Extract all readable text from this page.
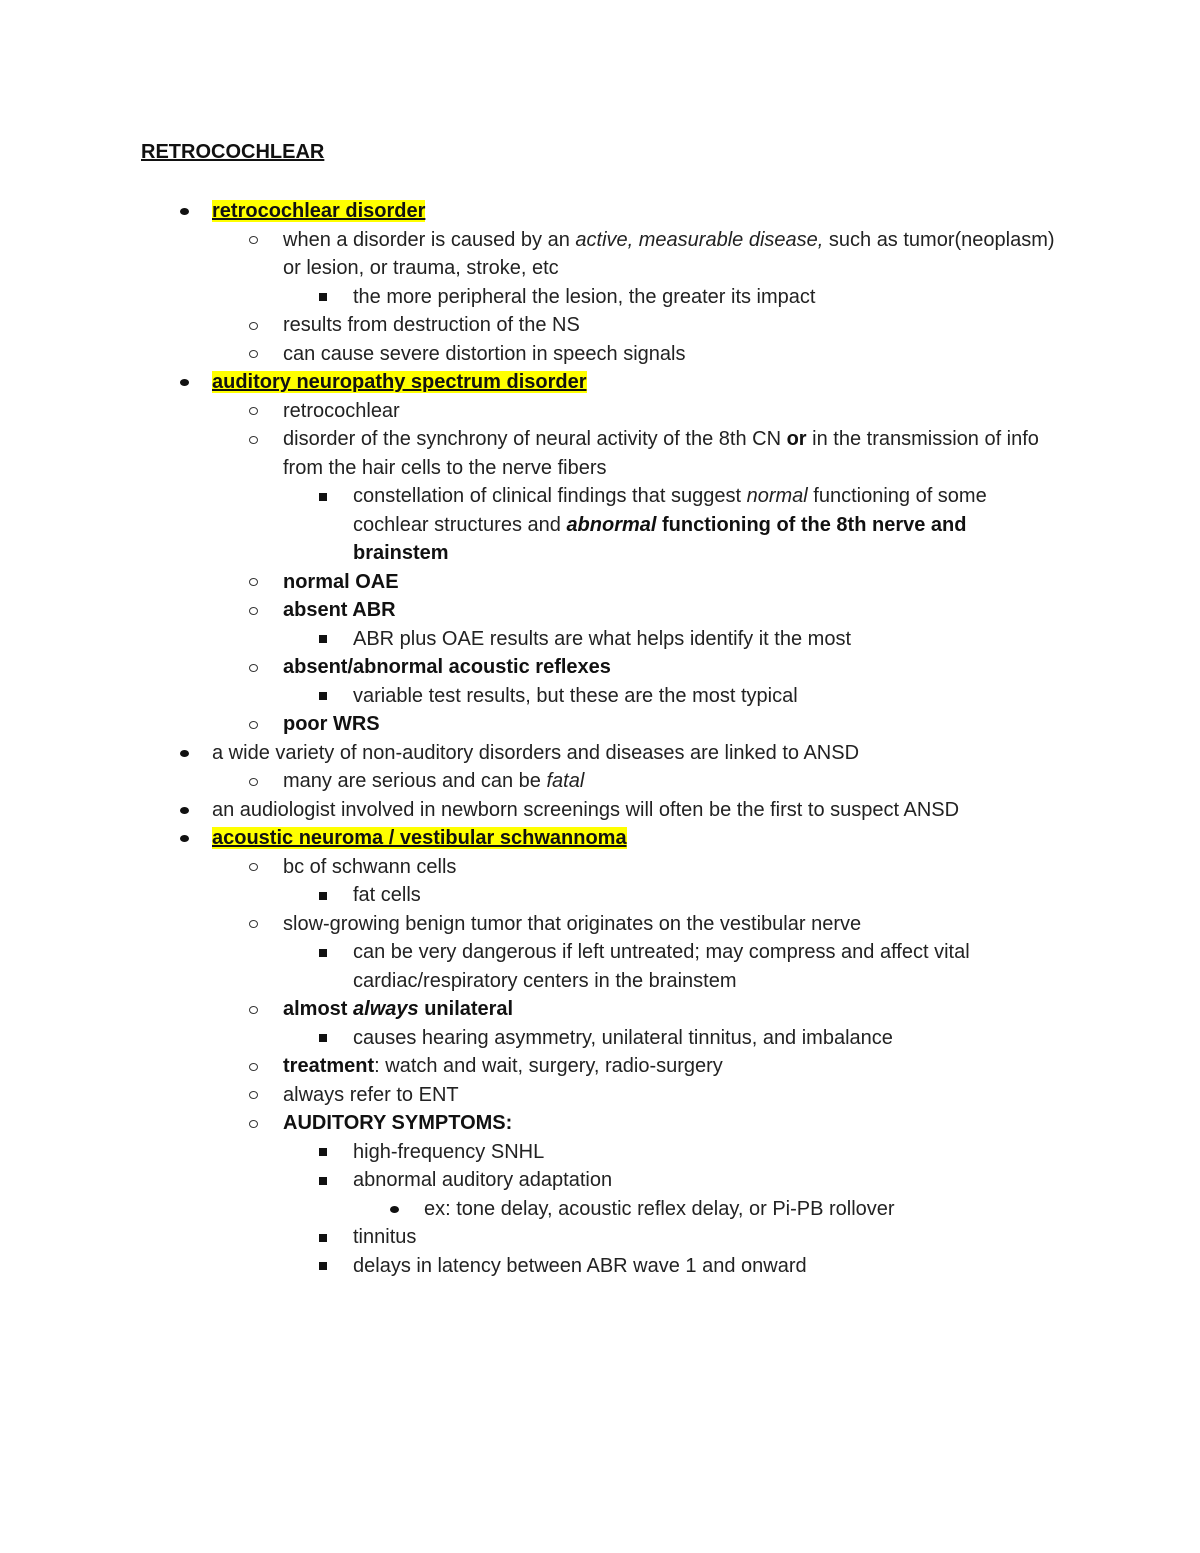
RETROCOCHLEAR
retrocochlear disorder
when a disorder is caused by an active, measurable disease, such as tumor(neoplasm) or lesion, or trauma, stroke, etc
the more peripheral the lesion, the greater its impact
results from destruction of the NS
can cause severe distortion in speech signals
auditory neuropathy spectrum disorder
retrocochlear
disorder of the synchrony of neural activity of the 8th CN or in the transmission of info from the hair cells to the nerve fibers
constellation of clinical findings that suggest normal functioning of some cochlear structures and abnormal functioning of the 8th nerve and brainstem
normal OAE
absent ABR
ABR plus OAE results are what helps identify it the most
absent/abnormal acoustic reflexes
variable test results, but these are the most typical
poor WRS
a wide variety of non-auditory disorders and diseases are linked to ANSD
many are serious and can be fatal
an audiologist involved in newborn screenings will often be the first to suspect ANSD
acoustic neuroma / vestibular schwannoma
bc of schwann cells
fat cells
slow-growing benign tumor that originates on the vestibular nerve
can be very dangerous if left untreated; may compress and affect vital cardiac/respiratory centers in the brainstem
almost always unilateral
causes hearing asymmetry, unilateral tinnitus, and imbalance
treatment: watch and wait, surgery, radio-surgery
always refer to ENT
AUDITORY SYMPTOMS:
high-frequency SNHL
abnormal auditory adaptation
ex: tone delay, acoustic reflex delay, or Pi-PB rollover
tinnitus
delays in latency between ABR wave 1 and onward
